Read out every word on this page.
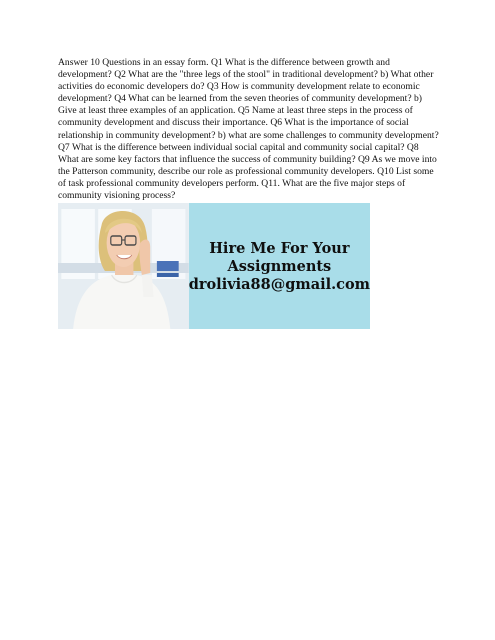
Answer 10 Questions in an essay form. Q1 What is the difference between growth and development? Q2 What are the "three legs of the stool" in traditional development? b) What other activities do economic developers do? Q3 How is community development relate to economic development? Q4 What can be learned from the seven theories of community development? b) Give at least three examples of an application. Q5 Name at least three steps in the process of community development and discuss their importance. Q6 What is the importance of social relationship in community development? b) what are some challenges to community development? Q7 What is the difference between individual social capital and community social capital? Q8 What are some key factors that influence the success of community building? Q9 As we move into the Patterson community, describe our role as professional community developers. Q10 List some of task professional community developers perform. Q11. What are the five major steps of community visioning process?

Hire Me For Your

Assignments

drolivia88@gmail.com
